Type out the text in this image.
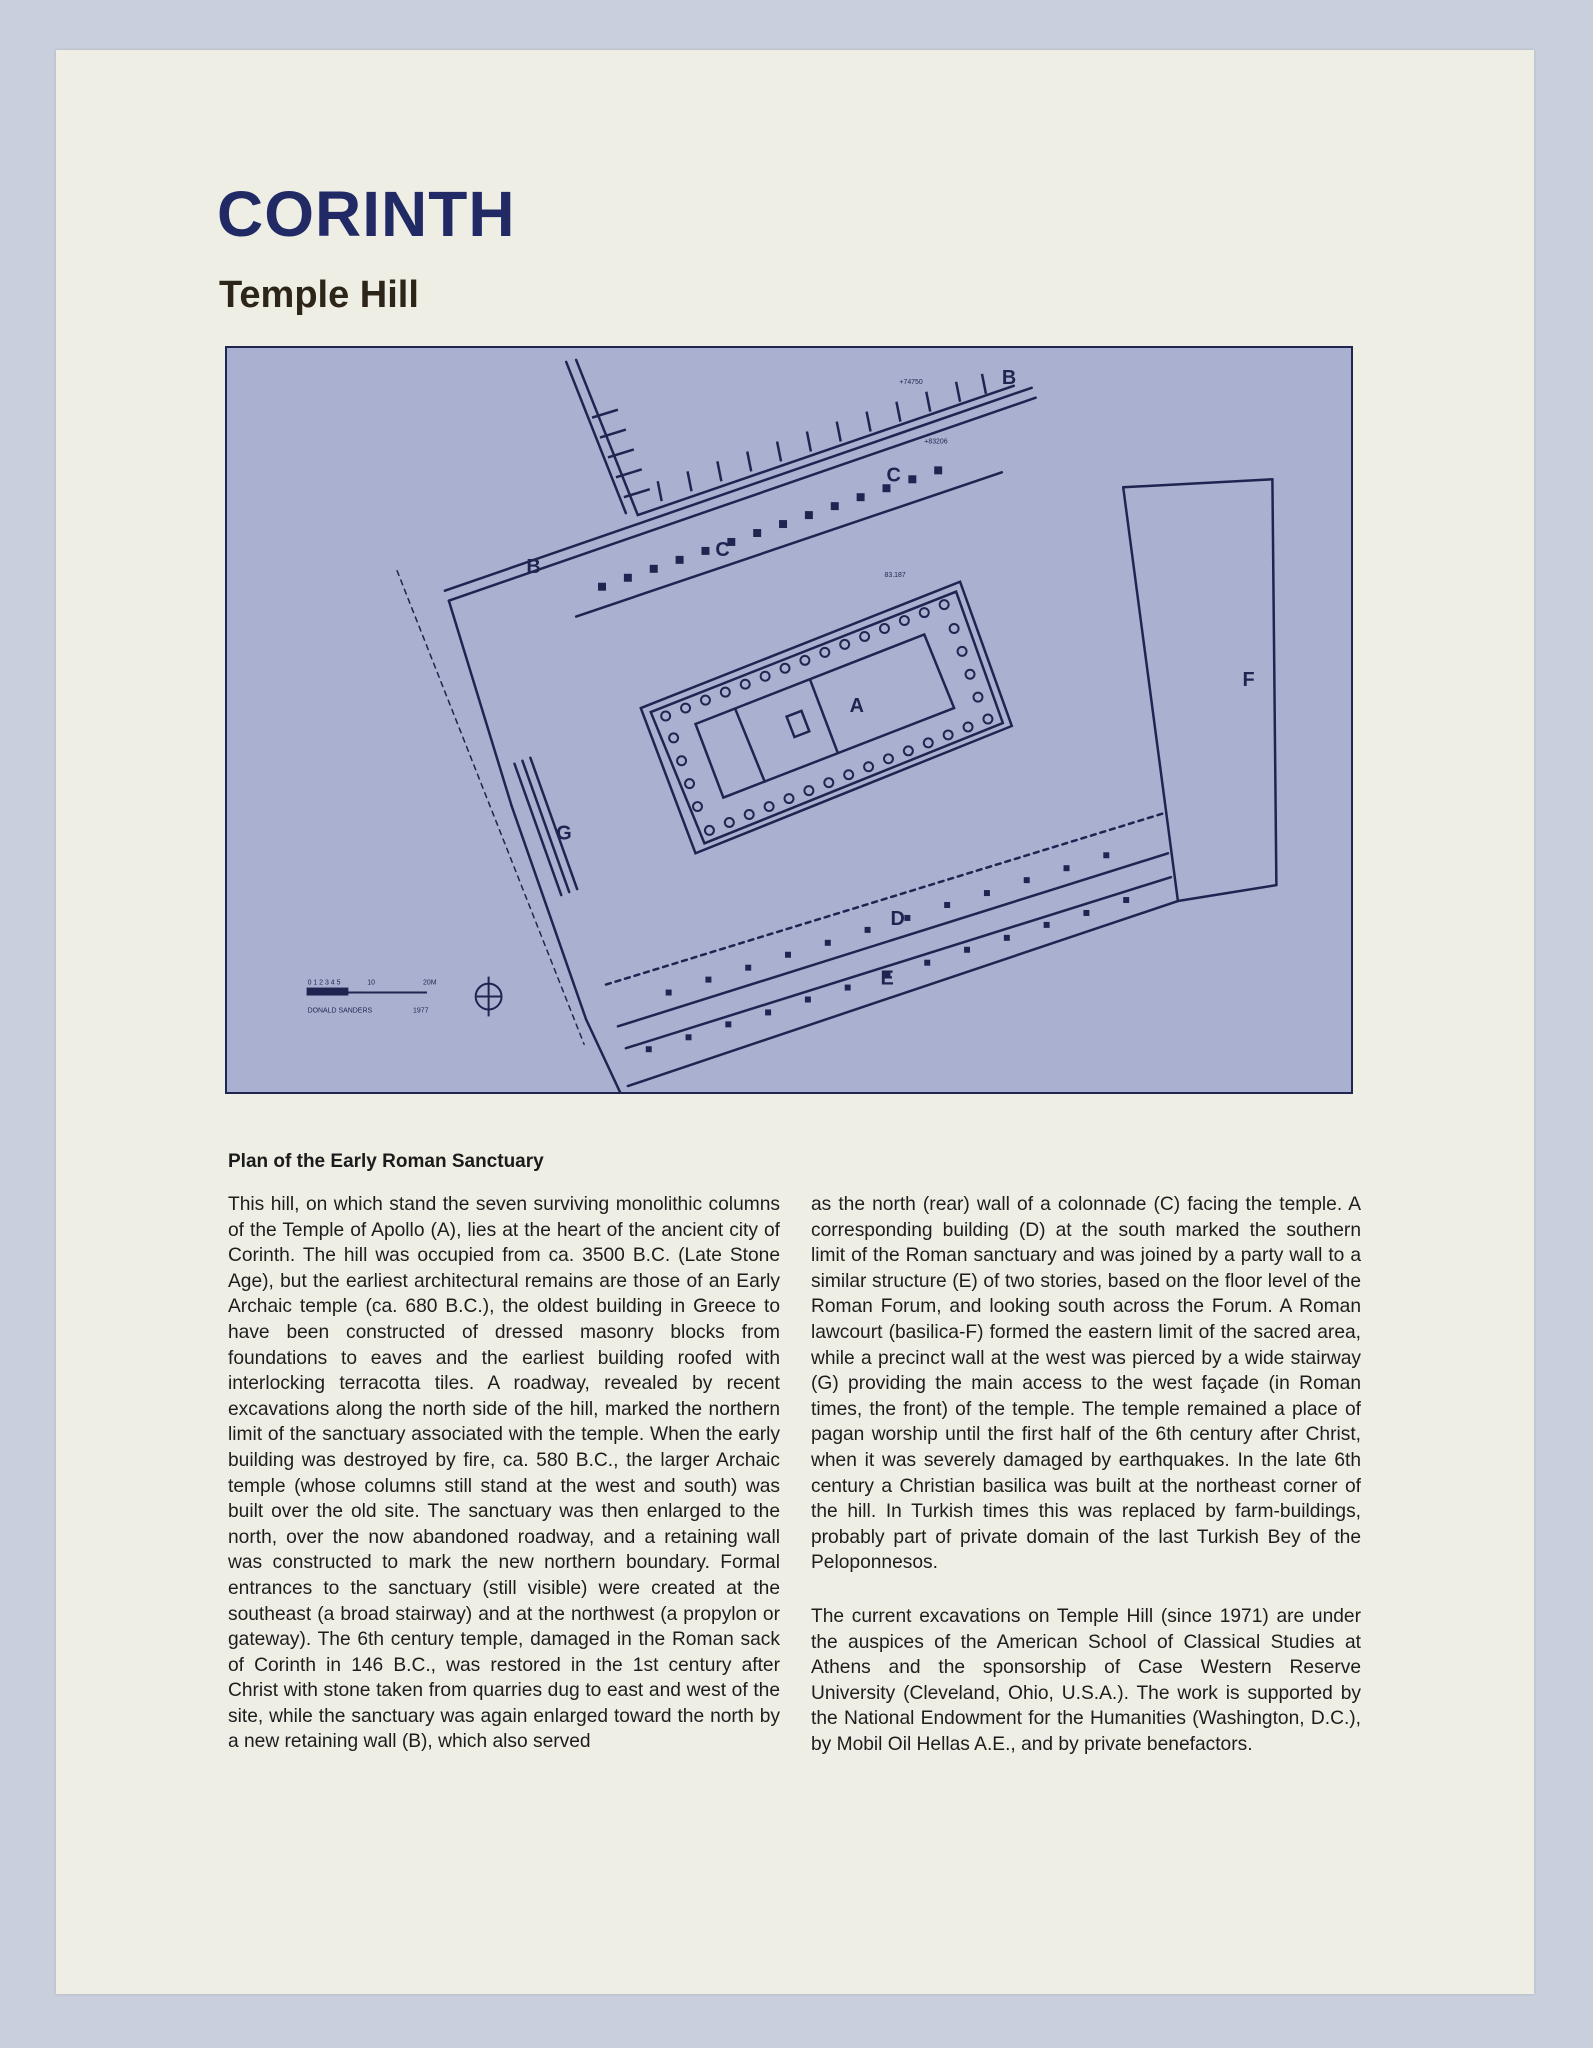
CORINTH
Temple Hill
B
B
C
C
A
D
E
F
G
+74750
+83206
83.187
0 1 2 3 4 5	10	20M
DONALD SANDERS	1977

Plan of the Early Roman Sanctuary

This hill, on which stand the seven surviving monolithic columns of the Temple of Apollo (A), lies at the heart of the ancient city of Corinth. The hill was occupied from ca. 3500 B.C. (Late Stone Age), but the earliest architectural remains are those of an Early Archaic temple (ca. 680 B.C.), the oldest building in Greece to have been constructed of dressed masonry blocks from foundations to eaves and the earliest building roofed with interlocking terracotta tiles. A roadway, revealed by recent excavations along the north side of the hill, marked the northern limit of the sanctuary associated with the temple. When the early building was destroyed by fire, ca. 580 B.C., the larger Archaic temple (whose columns still stand at the west and south) was built over the old site. The sanctuary was then enlarged to the north, over the now abandoned roadway, and a retaining wall was constructed to mark the new northern boundary. Formal entrances to the sanctuary (still visible) were created at the southeast (a broad stairway) and at the northwest (a propylon or gateway). The 6th century temple, damaged in the Roman sack of Corinth in 146 B.C., was restored in the 1st century after Christ with stone taken from quarries dug to east and west of the site, while the sanctuary was again enlarged toward the north by a new retaining wall (B), which also served

as the north (rear) wall of a colonnade (C) facing the temple. A corresponding building (D) at the south marked the southern limit of the Roman sanctuary and was joined by a party wall to a similar structure (E) of two stories, based on the floor level of the Roman Forum, and looking south across the Forum. A Roman lawcourt (basilica-F) formed the eastern limit of the sacred area, while a precinct wall at the west was pierced by a wide stairway (G) providing the main access to the west façade (in Roman times, the front) of the temple. The temple remained a place of pagan worship until the first half of the 6th century after Christ, when it was severely damaged by earthquakes. In the late 6th century a Christian basilica was built at the northeast corner of the hill. In Turkish times this was replaced by farm-buildings, probably part of private domain of the last Turkish Bey of the Peloponnesos.

The current excavations on Temple Hill (since 1971) are under the auspices of the American School of Classical Studies at Athens and the sponsorship of Case Western Reserve University (Cleveland, Ohio, U.S.A.). The work is supported by the National Endowment for the Humanities (Washington, D.C.), by Mobil Oil Hellas A.E., and by private benefactors.
